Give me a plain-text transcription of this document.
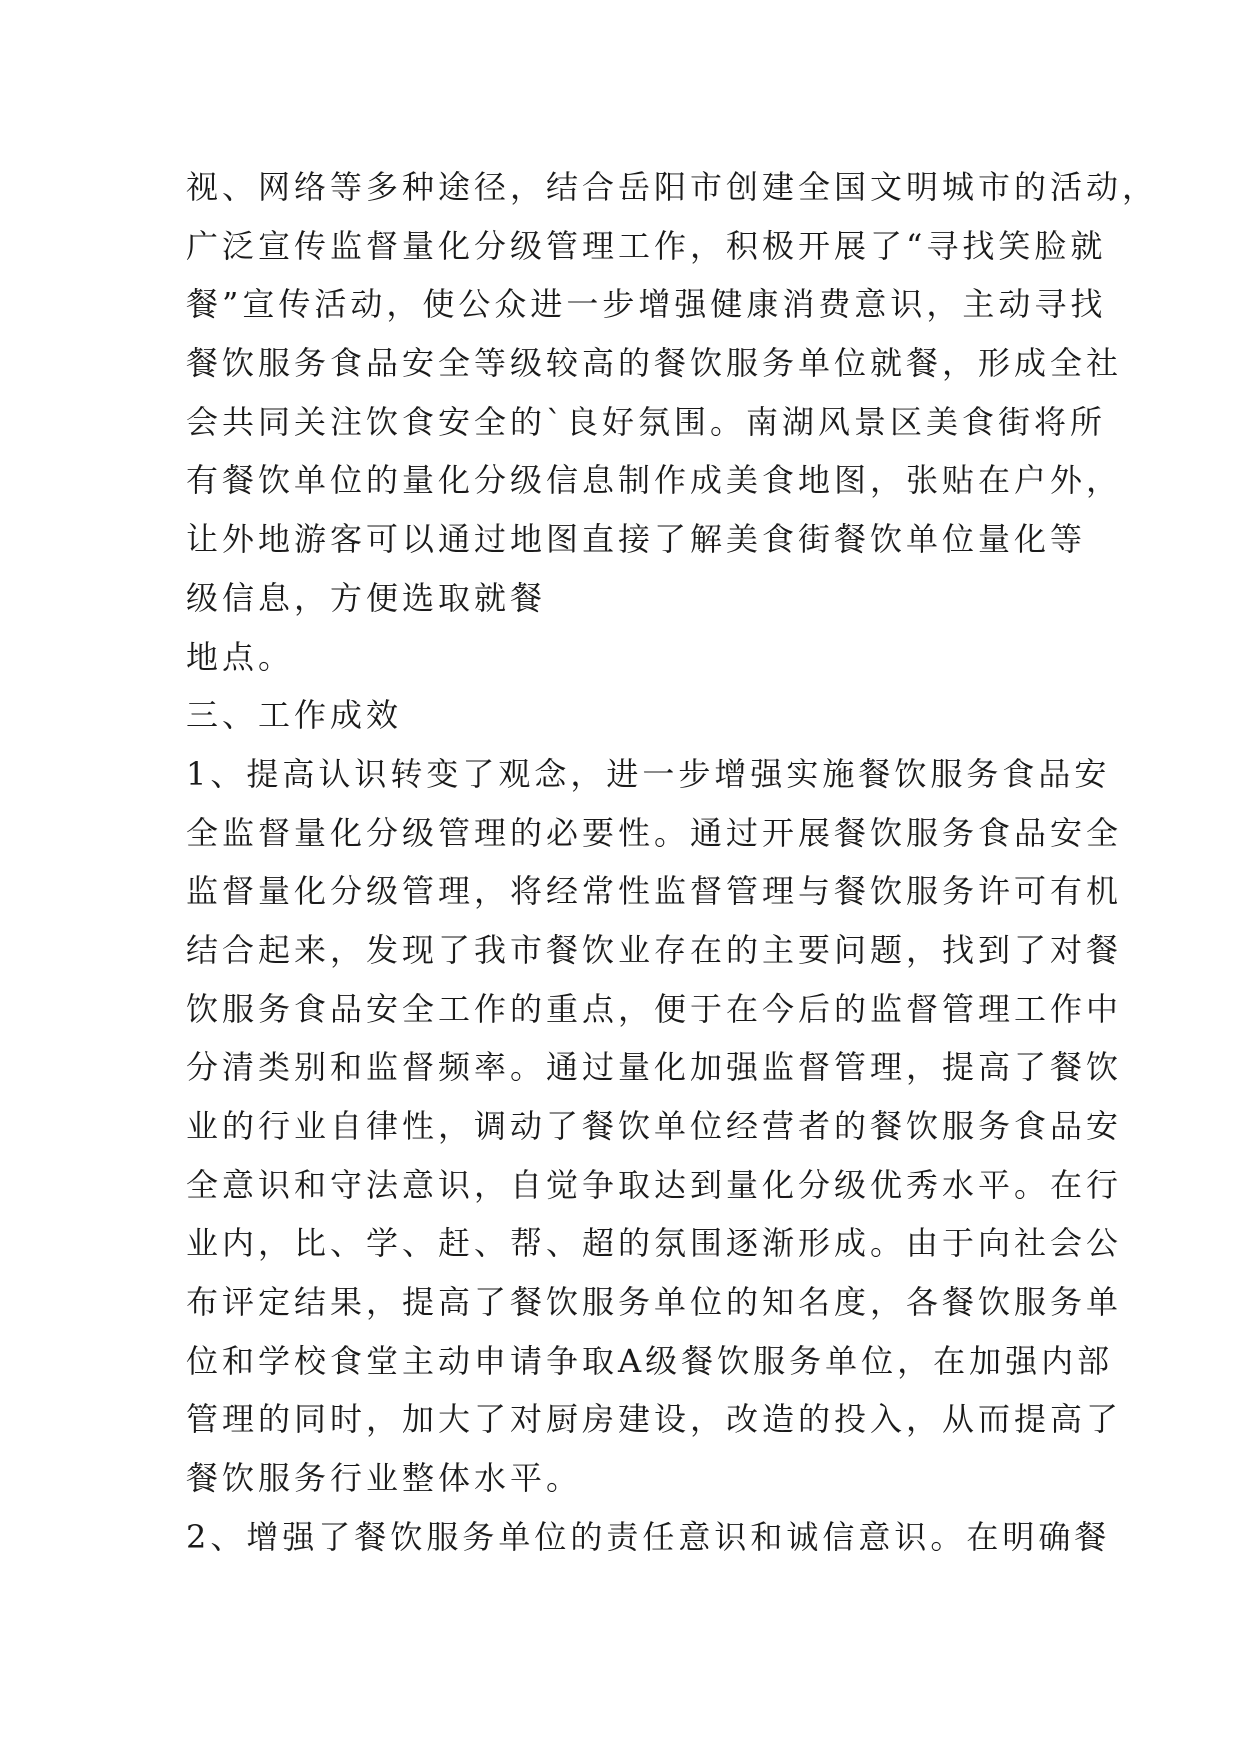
视、网络等多种途径，结合岳阳市创建全国文明城市的活动，
广泛宣传监督量化分级管理工作，积极开展了“寻找笑脸就
餐”宣传活动，使公众进一步增强健康消费意识，主动寻找
餐饮服务食品安全等级较高的餐饮服务单位就餐，形成全社
会共同关注饮食安全的`良好氛围。南湖风景区美食街将所
有餐饮单位的量化分级信息制作成美食地图，张贴在户外，
让外地游客可以通过地图直接了解美食街餐饮单位量化等
级信息，方便选取就餐
地点。
三、工作成效
1、提高认识转变了观念，进一步增强实施餐饮服务食品安
全监督量化分级管理的必要性。通过开展餐饮服务食品安全
监督量化分级管理，将经常性监督管理与餐饮服务许可有机
结合起来，发现了我市餐饮业存在的主要问题，找到了对餐
饮服务食品安全工作的重点，便于在今后的监督管理工作中
分清类别和监督频率。通过量化加强监督管理，提高了餐饮
业的行业自律性，调动了餐饮单位经营者的餐饮服务食品安
全意识和守法意识，自觉争取达到量化分级优秀水平。在行
业内，比、学、赶、帮、超的氛围逐渐形成。由于向社会公
布评定结果，提高了餐饮服务单位的知名度，各餐饮服务单
位和学校食堂主动申请争取A级餐饮服务单位，在加强内部
管理的同时，加大了对厨房建设，改造的投入，从而提高了
餐饮服务行业整体水平。
2、增强了餐饮服务单位的责任意识和诚信意识。在明确餐
